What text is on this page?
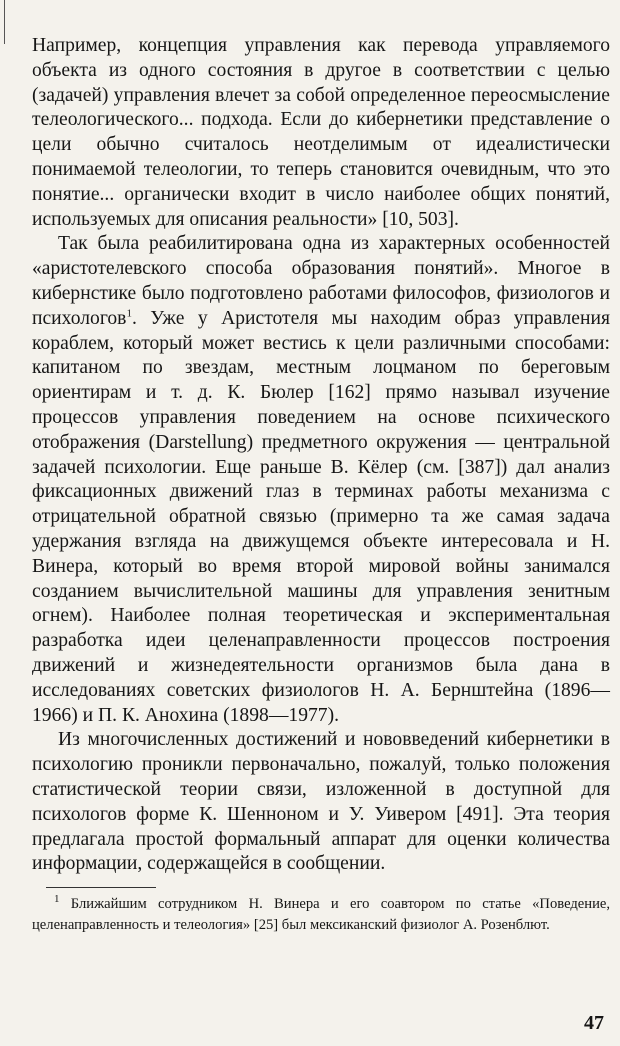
Например, концепция управления как перевода управляемого объекта из одного состояния в другое в соответствии с целью (задачей) управления влечет за собой определенное переосмысление телеологического... подхода. Если до кибернетики представление о цели обычно считалось неотделимым от идеалистически понимаемой телеологии, то теперь становится очевидным, что это понятие... органически входит в число наиболее общих понятий, используемых для описания реальности» [10, 503].

Так была реабилитирована одна из характерных особенностей «аристотелевского способа образования понятий». Многое в кибернстике было подготовлено работами философов, физиологов и психологов$^1$. Уже у Аристотеля мы находим образ управления кораблем, который может вестись к цели различными способами: капитаном по звездам, местным лоцманом по береговым ориентирам и т. д. К. Бюлер [162] прямо называл изучение процессов управления поведением на основе психического отображения (Darstellung) предметного окружения — центральной задачей психологии. Еще раньше В. Кёлер (см. [387]) дал анализ фиксационных движений глаз в терминах работы механизма с отрицательной обратной связью (примерно та же самая задача удержания взгляда на движущемся объекте интересовала и Н. Винера, который во время второй мировой войны занимался созданием вычислительной машины для управления зенитным огнем). Наиболее полная теоретическая и экспериментальная разработка идеи целенаправленности процессов построения движений и жизнедеятельности организмов была дана в исследованиях советских физиологов Н. А. Бернштейна (1896—1966) и П. К. Анохина (1898—1977).

Из многочисленных достижений и нововведений кибернетики в психологию проникли первоначально, пожалуй, только положения статистической теории связи, изложенной в доступной для психологов форме К. Шенноном и У. Уивером [491]. Эта теория предлагала простой формальный аппарат для оценки количества информации, содержащейся в сообщении.

$^1$ Ближайшим сотрудником Н. Винера и его соавтором по статье «Поведение, целенаправленность и телеология» [25] был мексиканский физиолог А. Розенблют.

47
